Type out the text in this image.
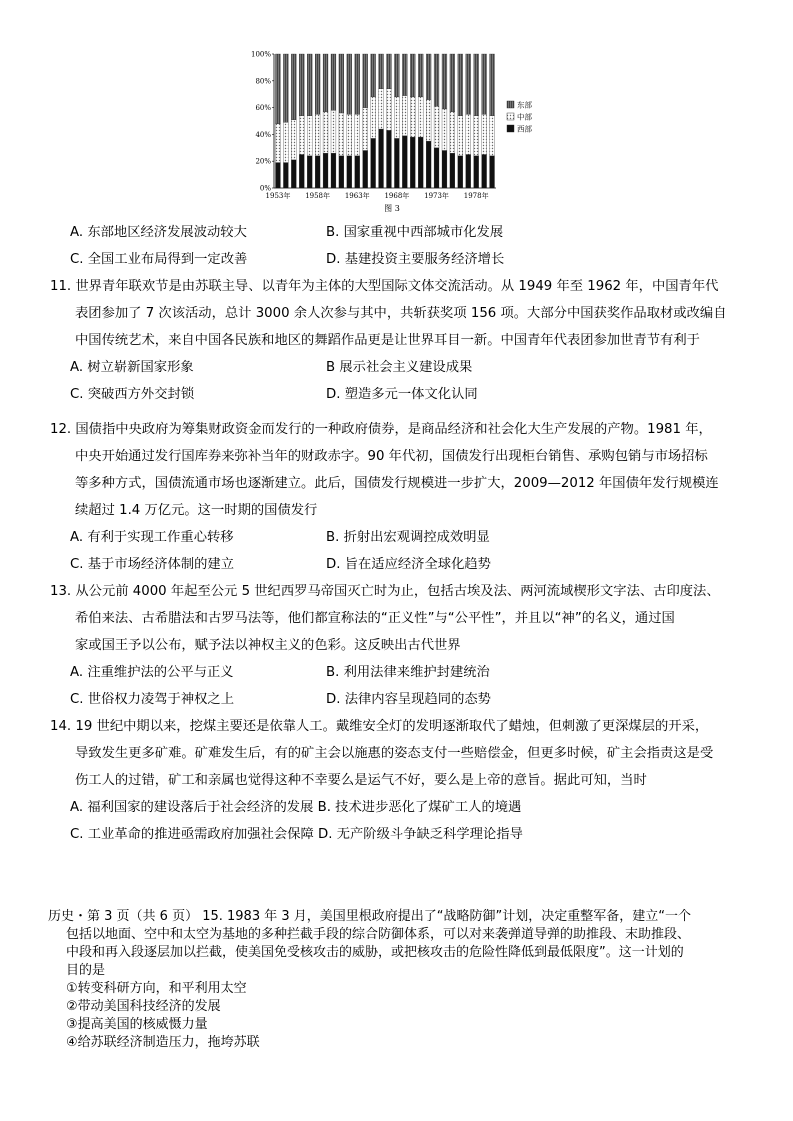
0%
20%
40%
60%
80%
100%
1953年 1958年 1963年 1968年 1973年 1978年
东部
中部
西部
图 3
A. 东部地区经济发展波动较大	B. 国家重视中西部城市化发展
C. 全国工业布局得到一定改善	D. 基建投资主要服务经济增长
11. 世界青年联欢节是由苏联主导、以青年为主体的大型国际文体交流活动。从 1949 年至 1962 年，中国青年代
表团参加了 7 次该活动，总计 3000 余人次参与其中，共斩获奖项 156 项。大部分中国获奖作品取材或改编自
中国传统艺术，来自中国各民族和地区的舞蹈作品更是让世界耳目一新。中国青年代表团参加世青节有利于
A. 树立崭新国家形象	B 展示社会主义建设成果
C. 突破西方外交封锁	D. 塑造多元一体文化认同
12. 国债指中央政府为筹集财政资金而发行的一种政府债券，是商品经济和社会化大生产发展的产物。1981 年，
中央开始通过发行国库券来弥补当年的财政赤字。90 年代初，国债发行出现柜台销售、承购包销与市场招标
等多种方式，国债流通市场也逐渐建立。此后，国债发行规模进一步扩大，2009—2012 年国债年发行规模连
续超过 1.4 万亿元。这一时期的国债发行
A. 有利于实现工作重心转移	B. 折射出宏观调控成效明显
C. 基于市场经济体制的建立	D. 旨在适应经济全球化趋势
13. 从公元前 4000 年起至公元 5 世纪西罗马帝国灭亡时为止，包括古埃及法、两河流域楔形文字法、古印度法、
希伯来法、古希腊法和古罗马法等，他们都宣称法的“正义性”与“公平性”，并且以“神”的名义，通过国
家或国王予以公布，赋予法以神权主义的色彩。这反映出古代世界
A. 注重维护法的公平与正义	B. 利用法律来维护封建统治
C. 世俗权力凌驾于神权之上	D. 法律内容呈现趋同的态势
14. 19 世纪中期以来，挖煤主要还是依靠人工。戴维安全灯的发明逐渐取代了蜡烛，但刺激了更深煤层的开采，
导致发生更多矿难。矿难发生后，有的矿主会以施惠的姿态支付一些赔偿金，但更多时候，矿主会指责这是受
伤工人的过错，矿工和亲属也觉得这种不幸要么是运气不好，要么是上帝的意旨。据此可知，当时
A. 福利国家的建设落后于社会经济的发展 B. 技术进步恶化了煤矿工人的境遇
C. 工业革命的推进亟需政府加强社会保障 D. 无产阶级斗争缺乏科学理论指导
历史・第 3 页（共 6 页） 15. 1983 年 3 月，美国里根政府提出了“战略防御”计划，决定重整军备，建立“一个
包括以地面、空中和太空为基地的多种拦截手段的综合防御体系，可以对来袭弹道导弹的助推段、末助推段、
中段和再入段逐层加以拦截，使美国免受核攻击的威胁，或把核攻击的危险性降低到最低限度”。这一计划的
目的是
①转变科研方向，和平利用太空
②带动美国科技经济的发展
③提高美国的核威慑力量
④给苏联经济制造压力，拖垮苏联
